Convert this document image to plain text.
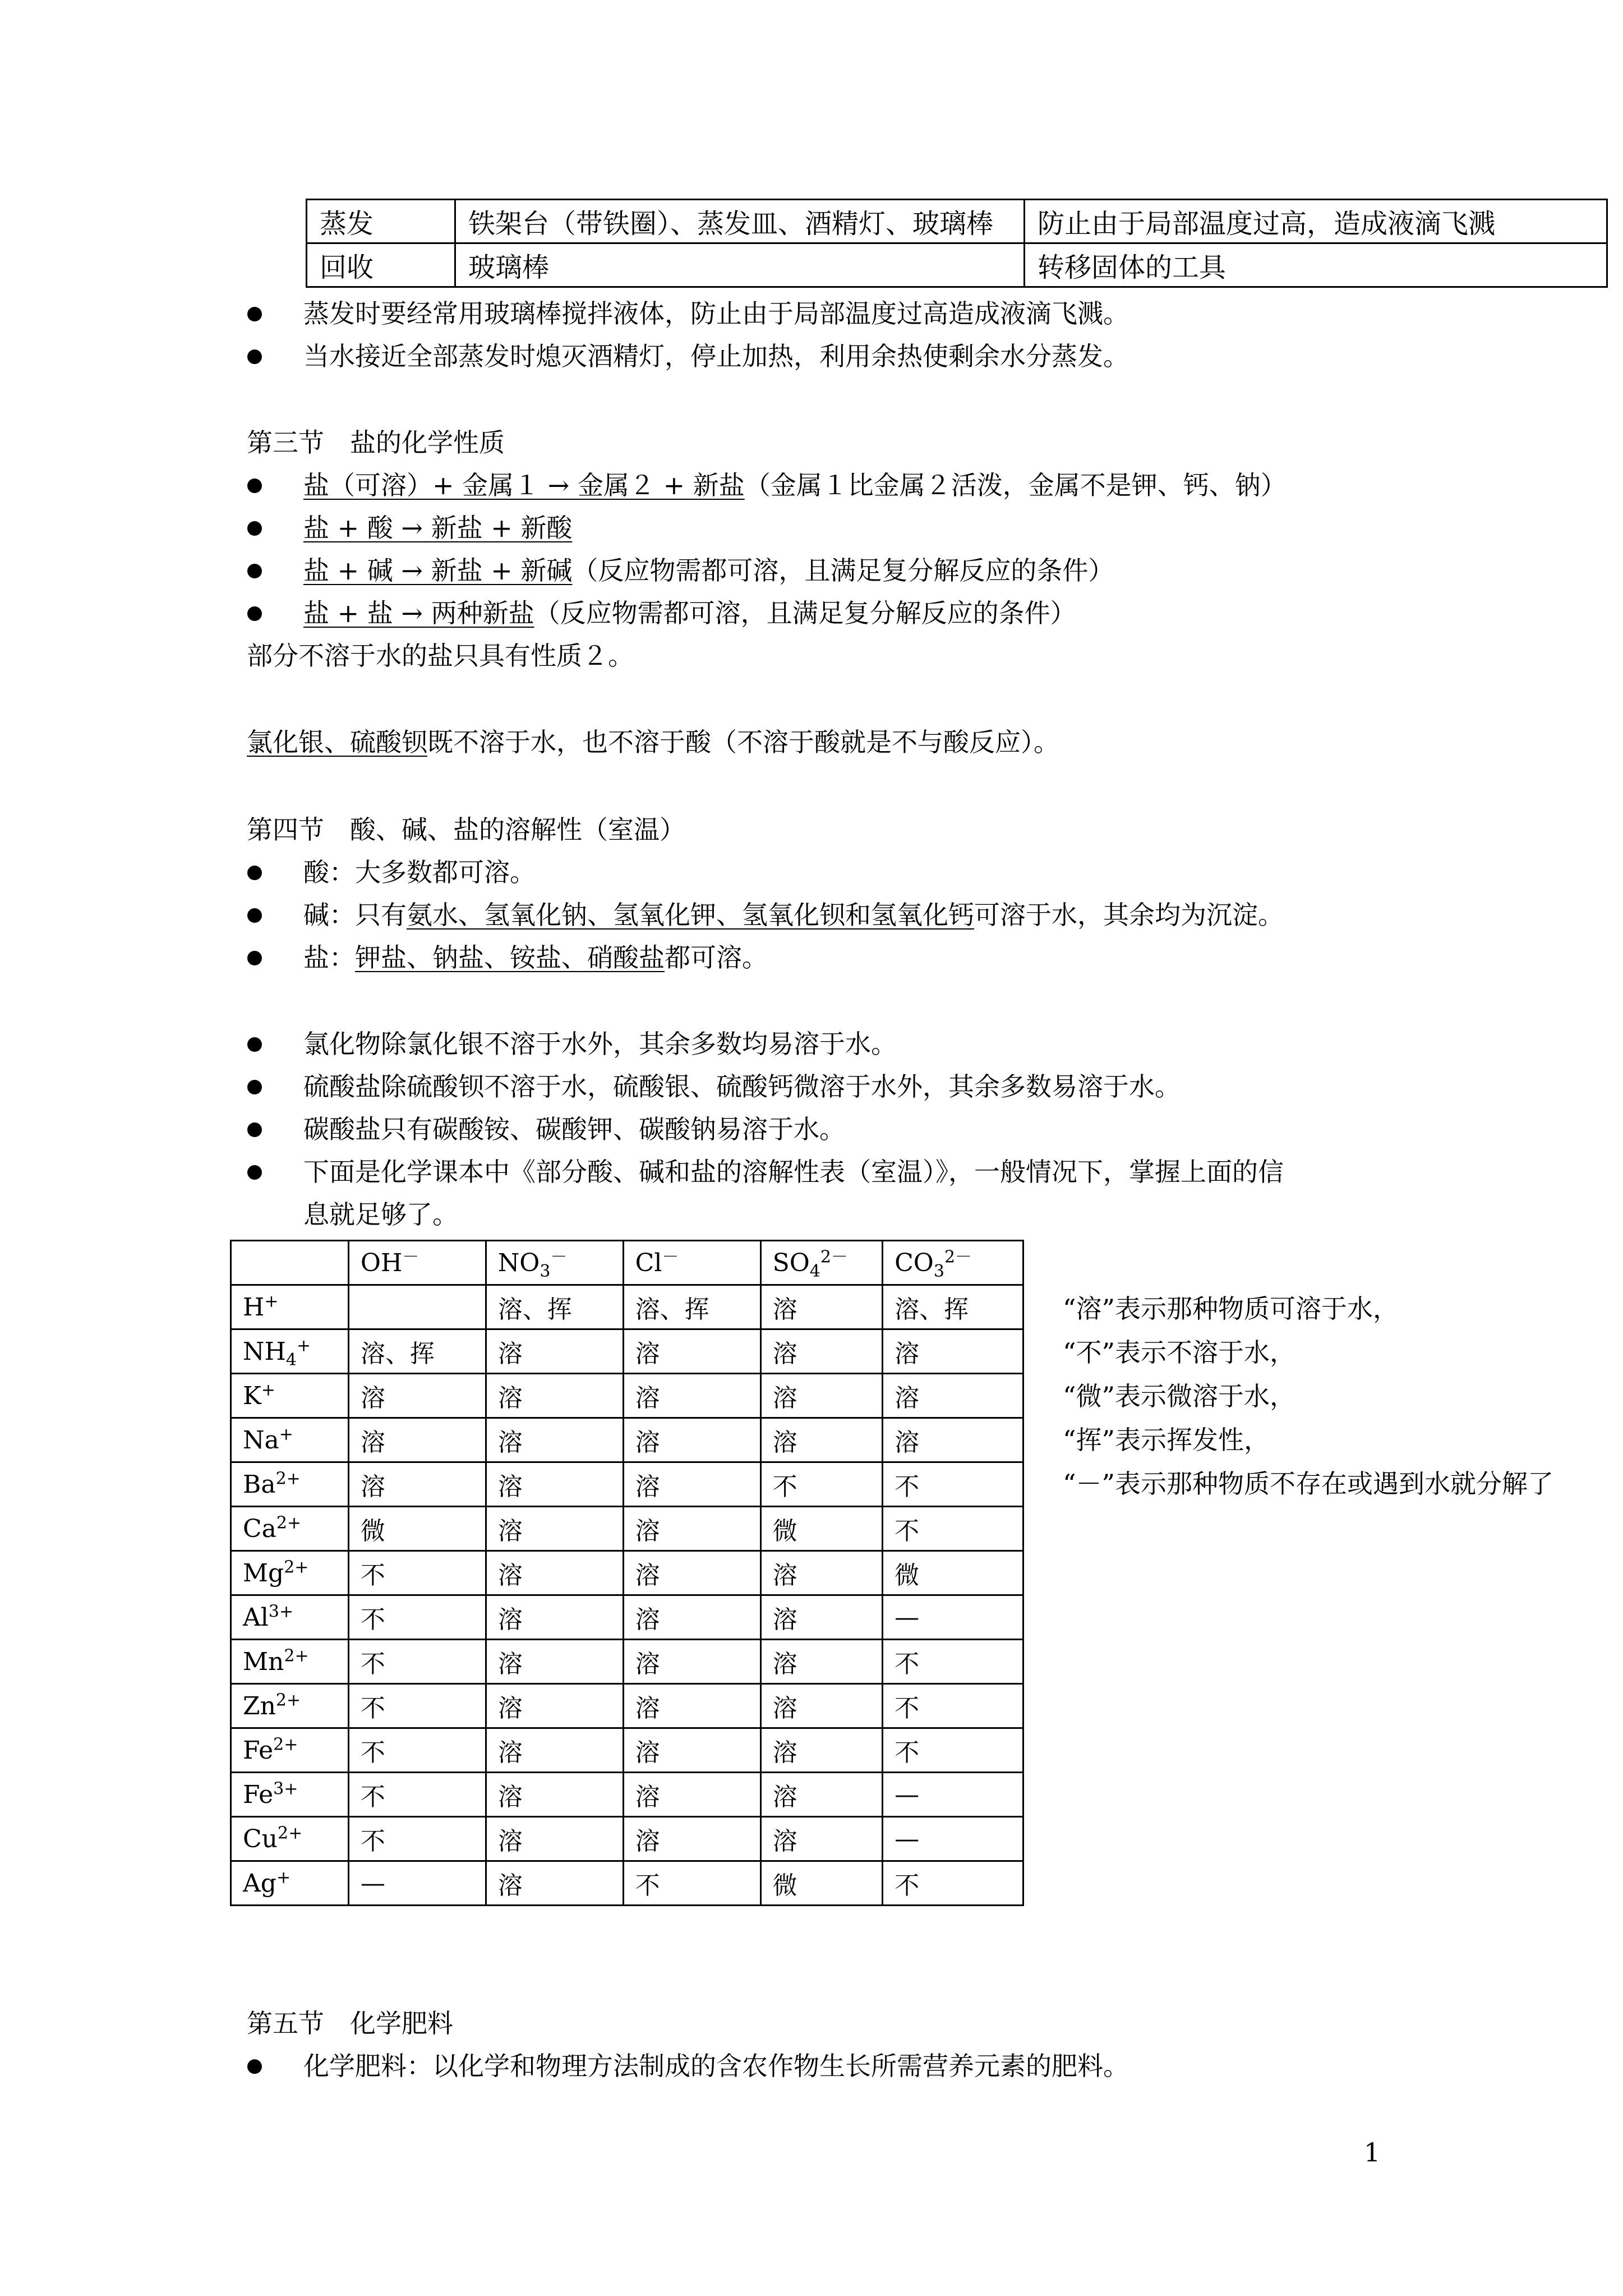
蒸发	铁架台（带铁圈）、蒸发皿、酒精灯、玻璃棒	防止由于局部温度过高，造成液滴飞溅
回收	玻璃棒	转移固体的工具
蒸发时要经常用玻璃棒搅拌液体，防止由于局部温度过高造成液滴飞溅。
当水接近全部蒸发时熄灭酒精灯，停止加热，利用余热使剩余水分蒸发。
第三节　盐的化学性质
盐（可溶）+ 金属１ → 金属２ + 新盐（金属１比金属２活泼，金属不是钾、钙、钠）
盐 + 酸 → 新盐 + 新酸
盐 + 碱 → 新盐 + 新碱（反应物需都可溶，且满足复分解反应的条件）
盐 + 盐 → 两种新盐（反应物需都可溶，且满足复分解反应的条件）
部分不溶于水的盐只具有性质２。
氯化银、硫酸钡既不溶于水，也不溶于酸（不溶于酸就是不与酸反应）。
第四节　酸、碱、盐的溶解性（室温）
酸：大多数都可溶。
碱：只有氨水、氢氧化钠、氢氧化钾、氢氧化钡和氢氧化钙可溶于水，其余均为沉淀。
盐：钾盐、钠盐、铵盐、硝酸盐都可溶。
氯化物除氯化银不溶于水外，其余多数均易溶于水。
硫酸盐除硫酸钡不溶于水，硫酸银、硫酸钙微溶于水外，其余多数易溶于水。
碳酸盐只有碳酸铵、碳酸钾、碳酸钠易溶于水。
下面是化学课本中《部分酸、碱和盐的溶解性表（室温）》，一般情况下，掌握上面的信
息就足够了。
	OH－	$NO_3^-$	Cl－	$SO_4^{2-}$	$CO_3^{2-}$
H+		溶、挥	溶、挥	溶	溶、挥
$NH_4^+$	溶、挥	溶	溶	溶	溶
K+	溶	溶	溶	溶	溶
Na+	溶	溶	溶	溶	溶
$Ba^{2+}$	溶	溶	溶	不	不
$Ca^{2+}$	微	溶	溶	微	不
$Mg^{2+}$	不	溶	溶	溶	微
$Al^{3+}$	不	溶	溶	溶	—
$Mn^{2+}$	不	溶	溶	溶	不
$Zn^{2+}$	不	溶	溶	溶	不
$Fe^{2+}$	不	溶	溶	溶	不
$Fe^{3+}$	不	溶	溶	溶	—
$Cu^{2+}$	不	溶	溶	溶	—
Ag+	—	溶	不	微	不
“溶”表示那种物质可溶于水，
“不”表示不溶于水，
“微”表示微溶于水，
“挥”表示挥发性，
“－”表示那种物质不存在或遇到水就分解了
第五节　化学肥料
化学肥料：以化学和物理方法制成的含农作物生长所需营养元素的肥料。
1
